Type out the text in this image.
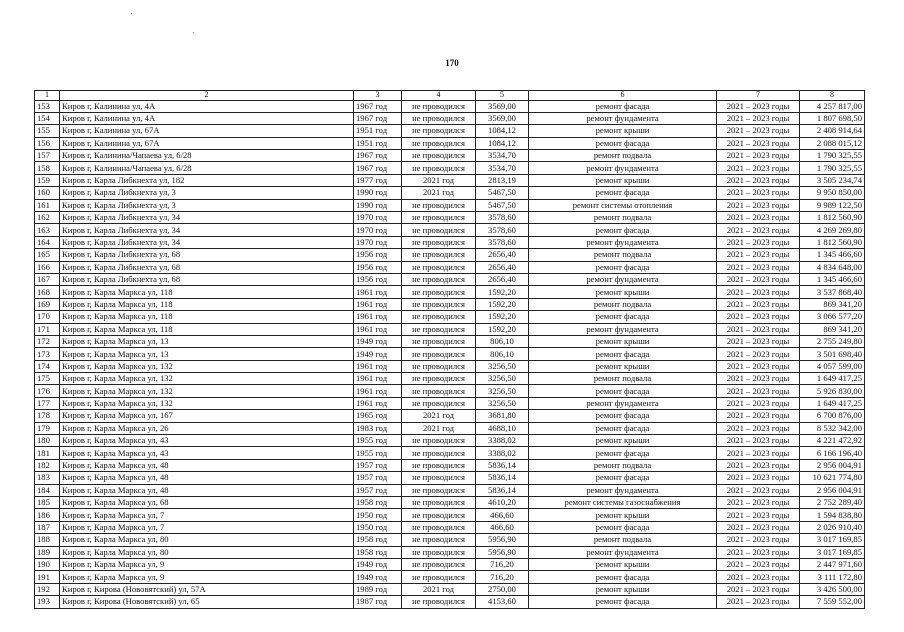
170
1	2	3	4	5	6	7	8
153	Киров г, Калинина ул, 4А	1967 год	не проводился	3569,00	ремонт фасада	2021 – 2023 годы	4 257 817,00
154	Киров г, Калинина ул, 4А	1967 год	не проводился	3569,00	ремонт фундамента	2021 – 2023 годы	1 807 698,50
155	Киров г, Калинина ул, 67А	1951 год	не проводился	1084,12	ремонт крыши	2021 – 2023 годы	2 408 914,64
156	Киров г, Калинина ул, 67А	1951 год	не проводился	1084,12	ремонт фасада	2021 – 2023 годы	2 088 015,12
157	Киров г, Калинина/Чапаева ул, 6/28	1967 год	не проводился	3534,70	ремонт подвала	2021 – 2023 годы	1 790 325,55
158	Киров г, Калинина/Чапаева ул, 6/28	1967 год	не проводился	3534,70	ремонт фундамента	2021 – 2023 годы	1 790 325,55
159	Киров г, Карла Либкнехта ул, 182	1977 год	2021 год	2813,19	ремонт крыши	2021 – 2023 годы	3 505 234,74
160	Киров г, Карла Либкнехта ул, 3	1990 год	2021 год	5467,50	ремонт фасада	2021 – 2023 годы	9 950 850,00
161	Киров г, Карла Либкнехта ул, 3	1990 год	не проводился	5467,50	ремонт системы отопления	2021 – 2023 годы	9 989 122,50
162	Киров г, Карла Либкнехта ул, 34	1970 год	не проводился	3578,60	ремонт подвала	2021 – 2023 годы	1 812 560,90
163	Киров г, Карла Либкнехта ул, 34	1970 год	не проводился	3578,60	ремонт фасада	2021 – 2023 годы	4 269 269,80
164	Киров г, Карла Либкнехта ул, 34	1970 год	не проводился	3578,60	ремонт фундамента	2021 – 2023 годы	1 812 560,90
165	Киров г, Карла Либкнехта ул, 68	1956 год	не проводился	2656,40	ремонт подвала	2021 – 2023 годы	1 345 466,60
166	Киров г, Карла Либкнехта ул, 68	1956 год	не проводился	2656,40	ремонт фасада	2021 – 2023 годы	4 834 648,00
167	Киров г, Карла Либкнехта ул, 68	1956 год	не проводился	2656,40	ремонт фундамента	2021 – 2023 годы	1 345 466,60
168	Киров г, Карла Маркса ул, 118	1961 год	не проводился	1592,20	ремонт крыши	2021 – 2023 годы	3 537 868,40
169	Киров г, Карла Маркса ул, 118	1961 год	не проводился	1592,20	ремонт подвала	2021 – 2023 годы	869 341,20
170	Киров г, Карла Маркса ул, 118	1961 год	не проводился	1592,20	ремонт фасада	2021 – 2023 годы	3 066 577,20
171	Киров г, Карла Маркса ул, 118	1961 год	не проводился	1592,20	ремонт фундамента	2021 – 2023 годы	869 341,20
172	Киров г, Карла Маркса ул, 13	1949 год	не проводился	806,10	ремонт крыши	2021 – 2023 годы	2 755 249,80
173	Киров г, Карла Маркса ул, 13	1949 год	не проводился	806,10	ремонт фасада	2021 – 2023 годы	3 501 698,40
174	Киров г, Карла Маркса ул, 132	1961 год	не проводился	3256,50	ремонт крыши	2021 – 2023 годы	4 057 599,00
175	Киров г, Карла Маркса ул, 132	1961 год	не проводился	3256,50	ремонт подвала	2021 – 2023 годы	1 649 417,25
176	Киров г, Карла Маркса ул, 132	1961 год	не проводился	3256,50	ремонт фасада	2021 – 2023 годы	5 926 830,00
177	Киров г, Карла Маркса ул, 132	1961 год	не проводился	3256,50	ремонт фундамента	2021 – 2023 годы	1 649 417,25
178	Киров г, Карла Маркса ул, 167	1965 год	2021 год	3681,80	ремонт фасада	2021 – 2023 годы	6 700 876,00
179	Киров г, Карла Маркса ул, 26	1983 год	2021 год	4688,10	ремонт фасада	2021 – 2023 годы	8 532 342,00
180	Киров г, Карла Маркса ул, 43	1955 год	не проводился	3388,02	ремонт крыши	2021 – 2023 годы	4 221 472,92
181	Киров г, Карла Маркса ул, 43	1955 год	не проводился	3388,02	ремонт фасада	2021 – 2023 годы	6 166 196,40
182	Киров г, Карла Маркса ул, 48	1957 год	не проводился	5836,14	ремонт подвала	2021 – 2023 годы	2 956 004,91
183	Киров г, Карла Маркса ул, 48	1957 год	не проводился	5836,14	ремонт фасада	2021 – 2023 годы	10 621 774,80
184	Киров г, Карла Маркса ул, 48	1957 год	не проводился	5836,14	ремонт фундамента	2021 – 2023 годы	2 956 004,91
185	Киров г, Карла Маркса ул, 68	1958 год	не проводился	4610,20	ремонт системы газоснабжения	2021 – 2023 годы	2 752 289,40
186	Киров г, Карла Маркса ул, 7	1950 год	не проводился	466,60	ремонт крыши	2021 – 2023 годы	1 594 838,80
187	Киров г, Карла Маркса ул, 7	1950 год	не проводился	466,60	ремонт фасада	2021 – 2023 годы	2 026 910,40
188	Киров г, Карла Маркса ул, 80	1958 год	не проводился	5956,90	ремонт подвала	2021 – 2023 годы	3 017 169,85
189	Киров г, Карла Маркса ул, 80	1958 год	не проводился	5956,90	ремонт фундамента	2021 – 2023 годы	3 017 169,85
190	Киров г, Карла Маркса ул, 9	1949 год	не проводился	716,20	ремонт крыши	2021 – 2023 годы	2 447 971,60
191	Киров г, Карла Маркса ул, 9	1949 год	не проводился	716,20	ремонт фасада	2021 – 2023 годы	3 111 172,80
192	Киров г, Кирова (Нововятский) ул, 57А	1989 год	2021 год	2750,00	ремонт крыши	2021 – 2023 годы	3 426 500,00
193	Киров г, Кирова (Нововятский) ул, 65	1987 год	не проводился	4153,60	ремонт фасада	2021 – 2023 годы	7 559 552,00
